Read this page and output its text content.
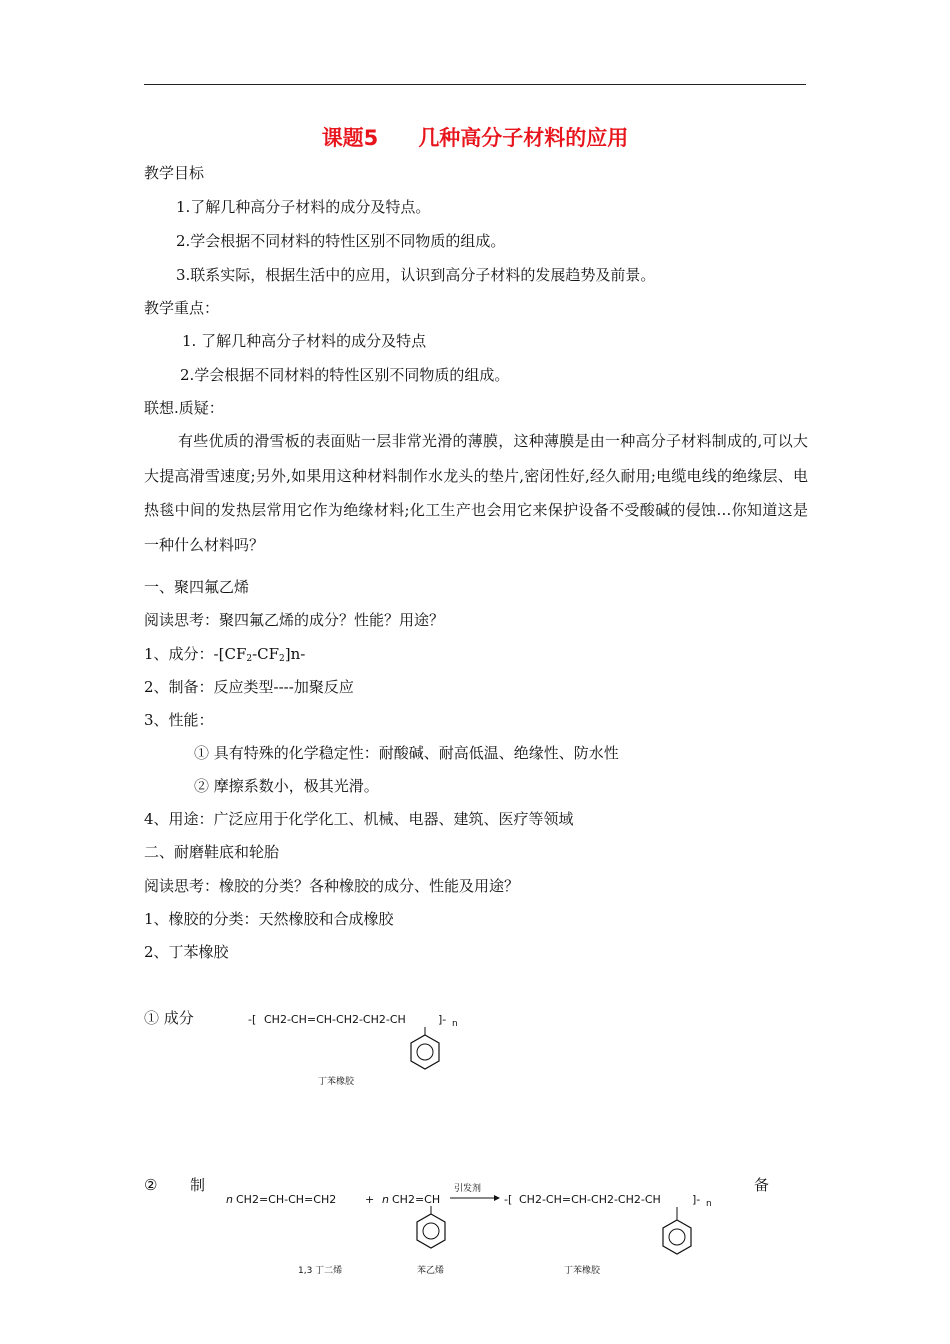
课题5 几种高分子材料的应用
教学目标
1.了解几种高分子材料的成分及特点。
2.学会根据不同材料的特性区别不同物质的组成。
3.联系实际，根据生活中的应用，认识到高分子材料的发展趋势及前景。
教学重点：
1. 了解几种高分子材料的成分及特点
2.学会根据不同材料的特性区别不同物质的组成。
联想.质疑：
有些优质的滑雪板的表面贴一层非常光滑的薄膜，这种薄膜是由一种高分子材料制成的,可以大大提高滑雪速度;另外,如果用这种材料制作水龙头的垫片,密闭性好,经久耐用;电缆电线的绝缘层、电热毯中间的发热层常用它作为绝缘材料;化工生产也会用它来保护设备不受酸碱的侵蚀…你知道这是一种什么材料吗？
一、聚四氟乙烯
阅读思考：聚四氟乙烯的成分？性能？用途？
1、成分：$-[CF_2-CF_2]n-$
2、制备：反应类型----加聚反应
3、性能：
① 具有特殊的化学稳定性：耐酸碱、耐高低温、绝缘性、防水性
② 摩擦系数小，极其光滑。
4、用途：广泛应用于化学化工、机械、电器、建筑、医疗等领域
二、耐磨鞋底和轮胎
阅读思考：橡胶的分类？各种橡胶的成分、性能及用途？
1、橡胶的分类：天然橡胶和合成橡胶
2、丁苯橡胶
① 成分	-[ CH2-CH=CH-CH2-CH2-CH	]- n
丁苯橡胶
② 制	备
n CH2=CH-CH=CH2	+ n CH2=CH
引发剂
-[ CH2-CH=CH-CH2-CH2-CH	]- n
1,3 丁二烯	苯乙烯	丁苯橡胶
